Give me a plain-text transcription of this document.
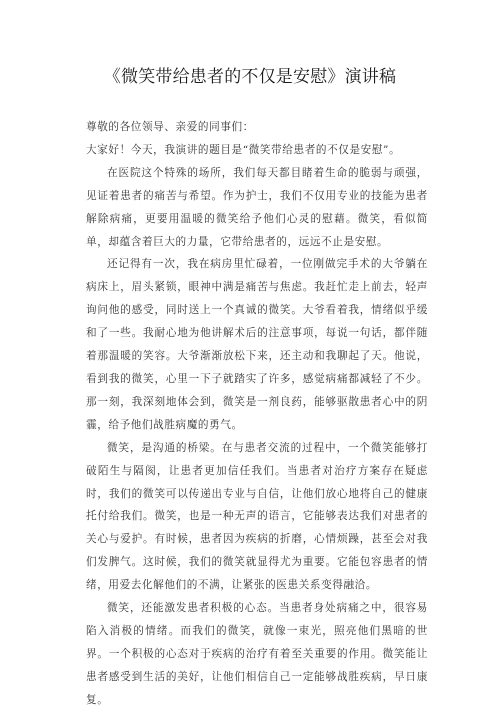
《微笑带给患者的不仅是安慰》演讲稿

尊敬的各位领导、亲爱的同事们：

大家好！今天，我演讲的题目是“微笑带给患者的不仅是安慰”。

在医院这个特殊的场所，我们每天都目睹着生命的脆弱与顽强，见证着患者的痛苦与希望。作为护士，我们不仅用专业的技能为患者解除病痛，更要用温暖的微笑给予他们心灵的慰藉。微笑，看似简单，却蕴含着巨大的力量，它带给患者的，远远不止是安慰。

还记得有一次，我在病房里忙碌着，一位刚做完手术的大爷躺在病床上，眉头紧锁，眼神中满是痛苦与焦虑。我赶忙走上前去，轻声询问他的感受，同时送上一个真诚的微笑。大爷看着我，情绪似乎缓和了一些。我耐心地为他讲解术后的注意事项，每说一句话，都伴随着那温暖的笑容。大爷渐渐放松下来，还主动和我聊起了天。他说，看到我的微笑，心里一下子就踏实了许多，感觉病痛都减轻了不少。那一刻，我深刻地体会到，微笑是一剂良药，能够驱散患者心中的阴霾，给予他们战胜病魔的勇气。

微笑，是沟通的桥梁。在与患者交流的过程中，一个微笑能够打破陌生与隔阂，让患者更加信任我们。当患者对治疗方案存在疑虑时，我们的微笑可以传递出专业与自信，让他们放心地将自己的健康托付给我们。微笑，也是一种无声的语言，它能够表达我们对患者的关心与爱护。有时候，患者因为疾病的折磨，心情烦躁，甚至会对我们发脾气。这时候，我们的微笑就显得尤为重要。它能包容患者的情绪，用爱去化解他们的不满，让紧张的医患关系变得融洽。

微笑，还能激发患者积极的心态。当患者身处病痛之中，很容易陷入消极的情绪。而我们的微笑，就像一束光，照亮他们黑暗的世界。一个积极的心态对于疾病的治疗有着至关重要的作用。微笑能让患者感受到生活的美好，让他们相信自己一定能够战胜疾病，早日康复。
